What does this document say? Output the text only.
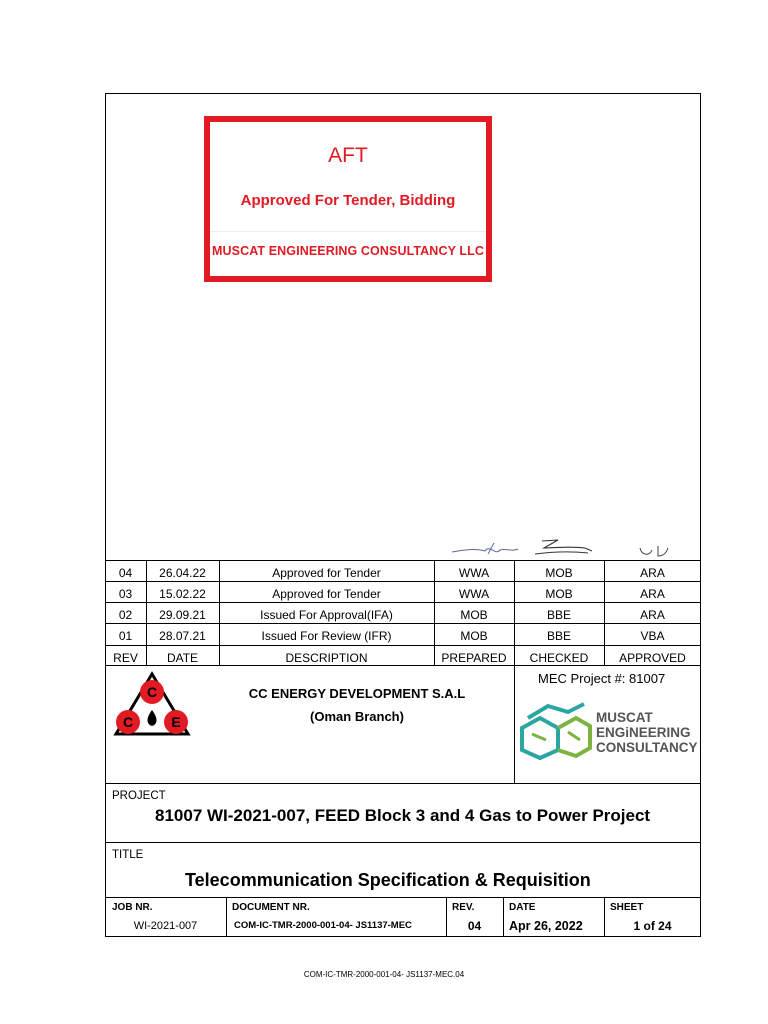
AFT
Approved For Tender, Bidding
MUSCAT ENGINEERING CONSULTANCY LLC
04	26.04.22	Approved for Tender	WWA	MOB	ARA
03	15.02.22	Approved for Tender	WWA	MOB	ARA
02	29.09.21	Issued For Approval(IFA)	MOB	BBE	ARA
01	28.07.21	Issued For Review (IFR)	MOB	BBE	VBA
REV	DATE	DESCRIPTION	PREPARED	CHECKED	APPROVED
C
C	E
CC ENERGY DEVELOPMENT S.A.L
(Oman Branch)
MEC Project #: 81007
MUSCAT
ENGiNEERING
CONSULTANCY
PROJECT
81007 WI-2021-007, FEED Block 3 and 4 Gas to Power Project
TITLE
Telecommunication Specification & Requisition
JOB NR.
WI-2021-007
DOCUMENT NR.
COM-IC-TMR-2000-001-04- JS1137-MEC
REV.
04
DATE
Apr 26, 2022
SHEET
1 of 24
COM-IC-TMR-2000-001-04- JS1137-MEC.04
